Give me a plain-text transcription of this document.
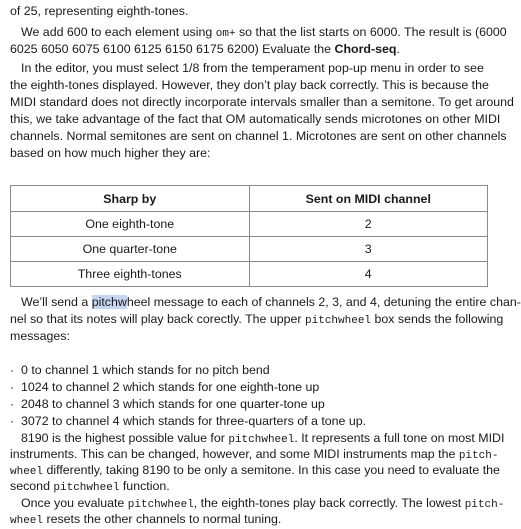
of 25, representing eighth-tones.
We add 600 to each element using om+ so that the list starts on 6000. The result is (6000
6025 6050 6075 6100 6125 6150 6175 6200) Evaluate the Chord-seq.
In the editor, you must select 1/8 from the temperament pop-up menu in order to see
the eighth-tones displayed. However, they don’t play back correctly. This is because the
MIDI standard does not directly incorporate intervals smaller than a semitone. To get around
this, we take advantage of the fact that OM automatically sends microtones on other MIDI
channels. Normal semitones are sent on channel 1. Microtones are sent on other channels
based on how much higher they are:
Sharp by	Sent on MIDI channel
One eighth-tone	2
One quarter-tone	3
Three eighth-tones	4
We’ll send a pitchwheel message to each of channels 2, 3, and 4, detuning the entire chan-
nel so that its notes will play back corectly. The upper pitchwheel box sends the following
messages:
·  0 to channel 1 which stands for no pitch bend
·  1024 to channel 2 which stands for one eighth-tone up
·  2048 to channel 3 which stands for one quarter-tone up
·  3072 to channel 4 which stands for three-quarters of a tone up.
8190 is the highest possible value for pitchwheel. It represents a full tone on most MIDI
instruments. This can be changed, however, and some MIDI instruments map the pitch-
wheel differently, taking 8190 to be only a semitone. In this case you need to evaluate the
second pitchwheel function.
Once you evaluate pitchwheel, the eighth-tones play back correctly. The lowest pitch-
wheel resets the other channels to normal tuning.
